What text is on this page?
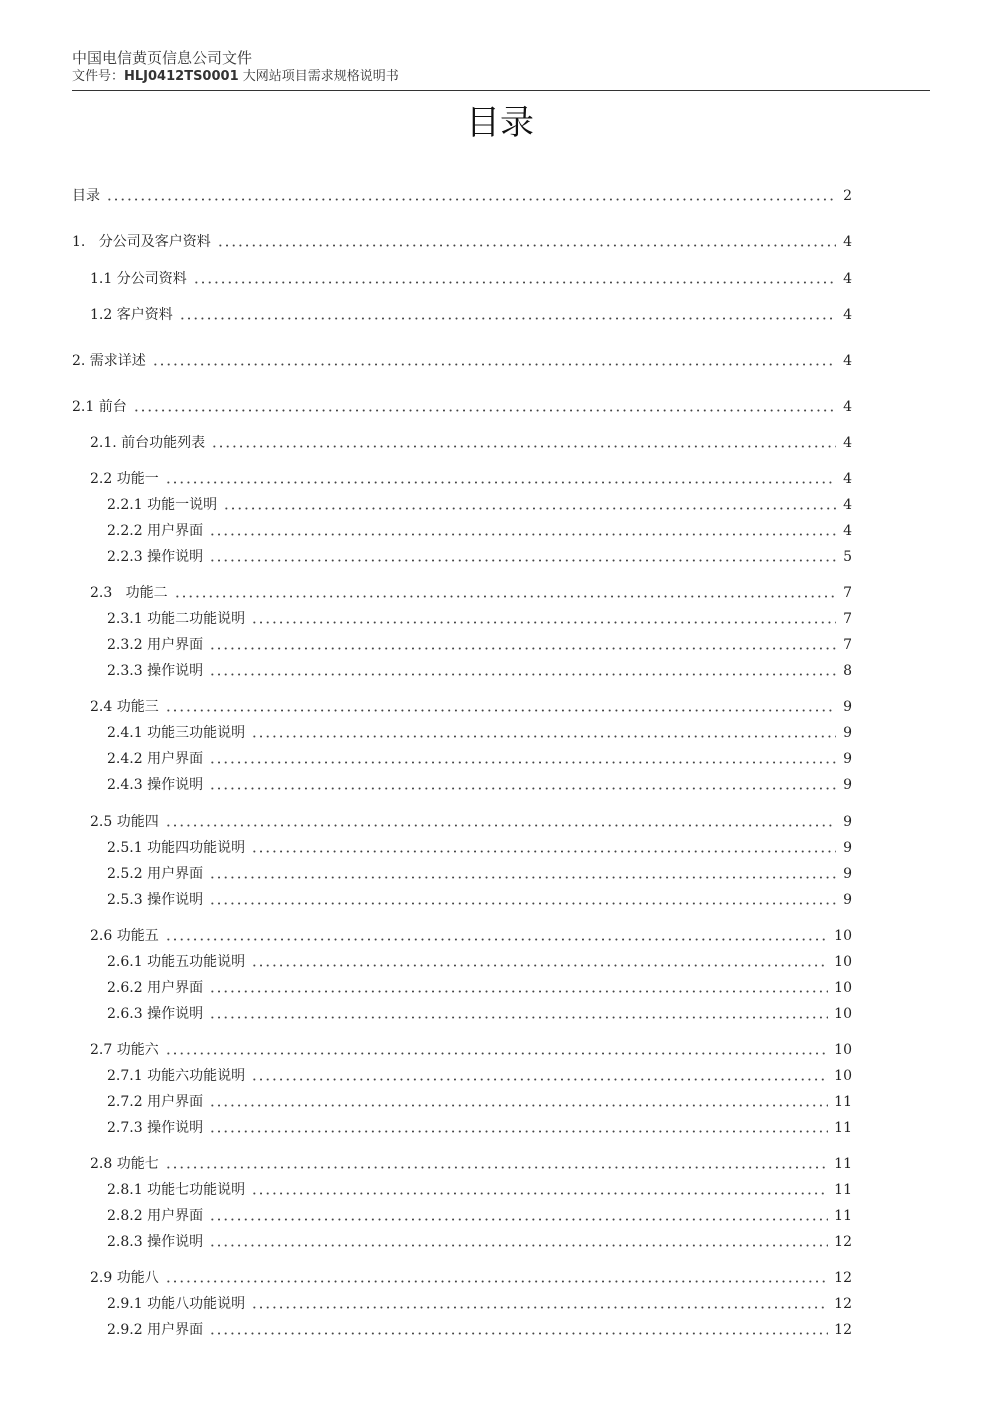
中国电信黄页信息公司文件
文件号：HLJ0412TS0001 大网站项目需求规格说明书
目录
目录	2
1.   分公司及客户资料	4
1.1 分公司资料	4
1.2 客户资料	4
2. 需求详述	4
2.1 前台	4
2.1. 前台功能列表	4
2.2 功能一	4
2.2.1 功能一说明	4
2.2.2 用户界面	4
2.2.3 操作说明	5
2.3   功能二	7
2.3.1 功能二功能说明	7
2.3.2 用户界面	7
2.3.3 操作说明	8
2.4 功能三	9
2.4.1 功能三功能说明	9
2.4.2 用户界面	9
2.4.3 操作说明	9
2.5 功能四	9
2.5.1 功能四功能说明	9
2.5.2 用户界面	9
2.5.3 操作说明	9
2.6 功能五	10
2.6.1 功能五功能说明	10
2.6.2 用户界面	10
2.6.3 操作说明	10
2.7 功能六	10
2.7.1 功能六功能说明	10
2.7.2 用户界面	11
2.7.3 操作说明	11
2.8 功能七	11
2.8.1 功能七功能说明	11
2.8.2 用户界面	11
2.8.3 操作说明	12
2.9 功能八	12
2.9.1 功能八功能说明	12
2.9.2 用户界面	12
